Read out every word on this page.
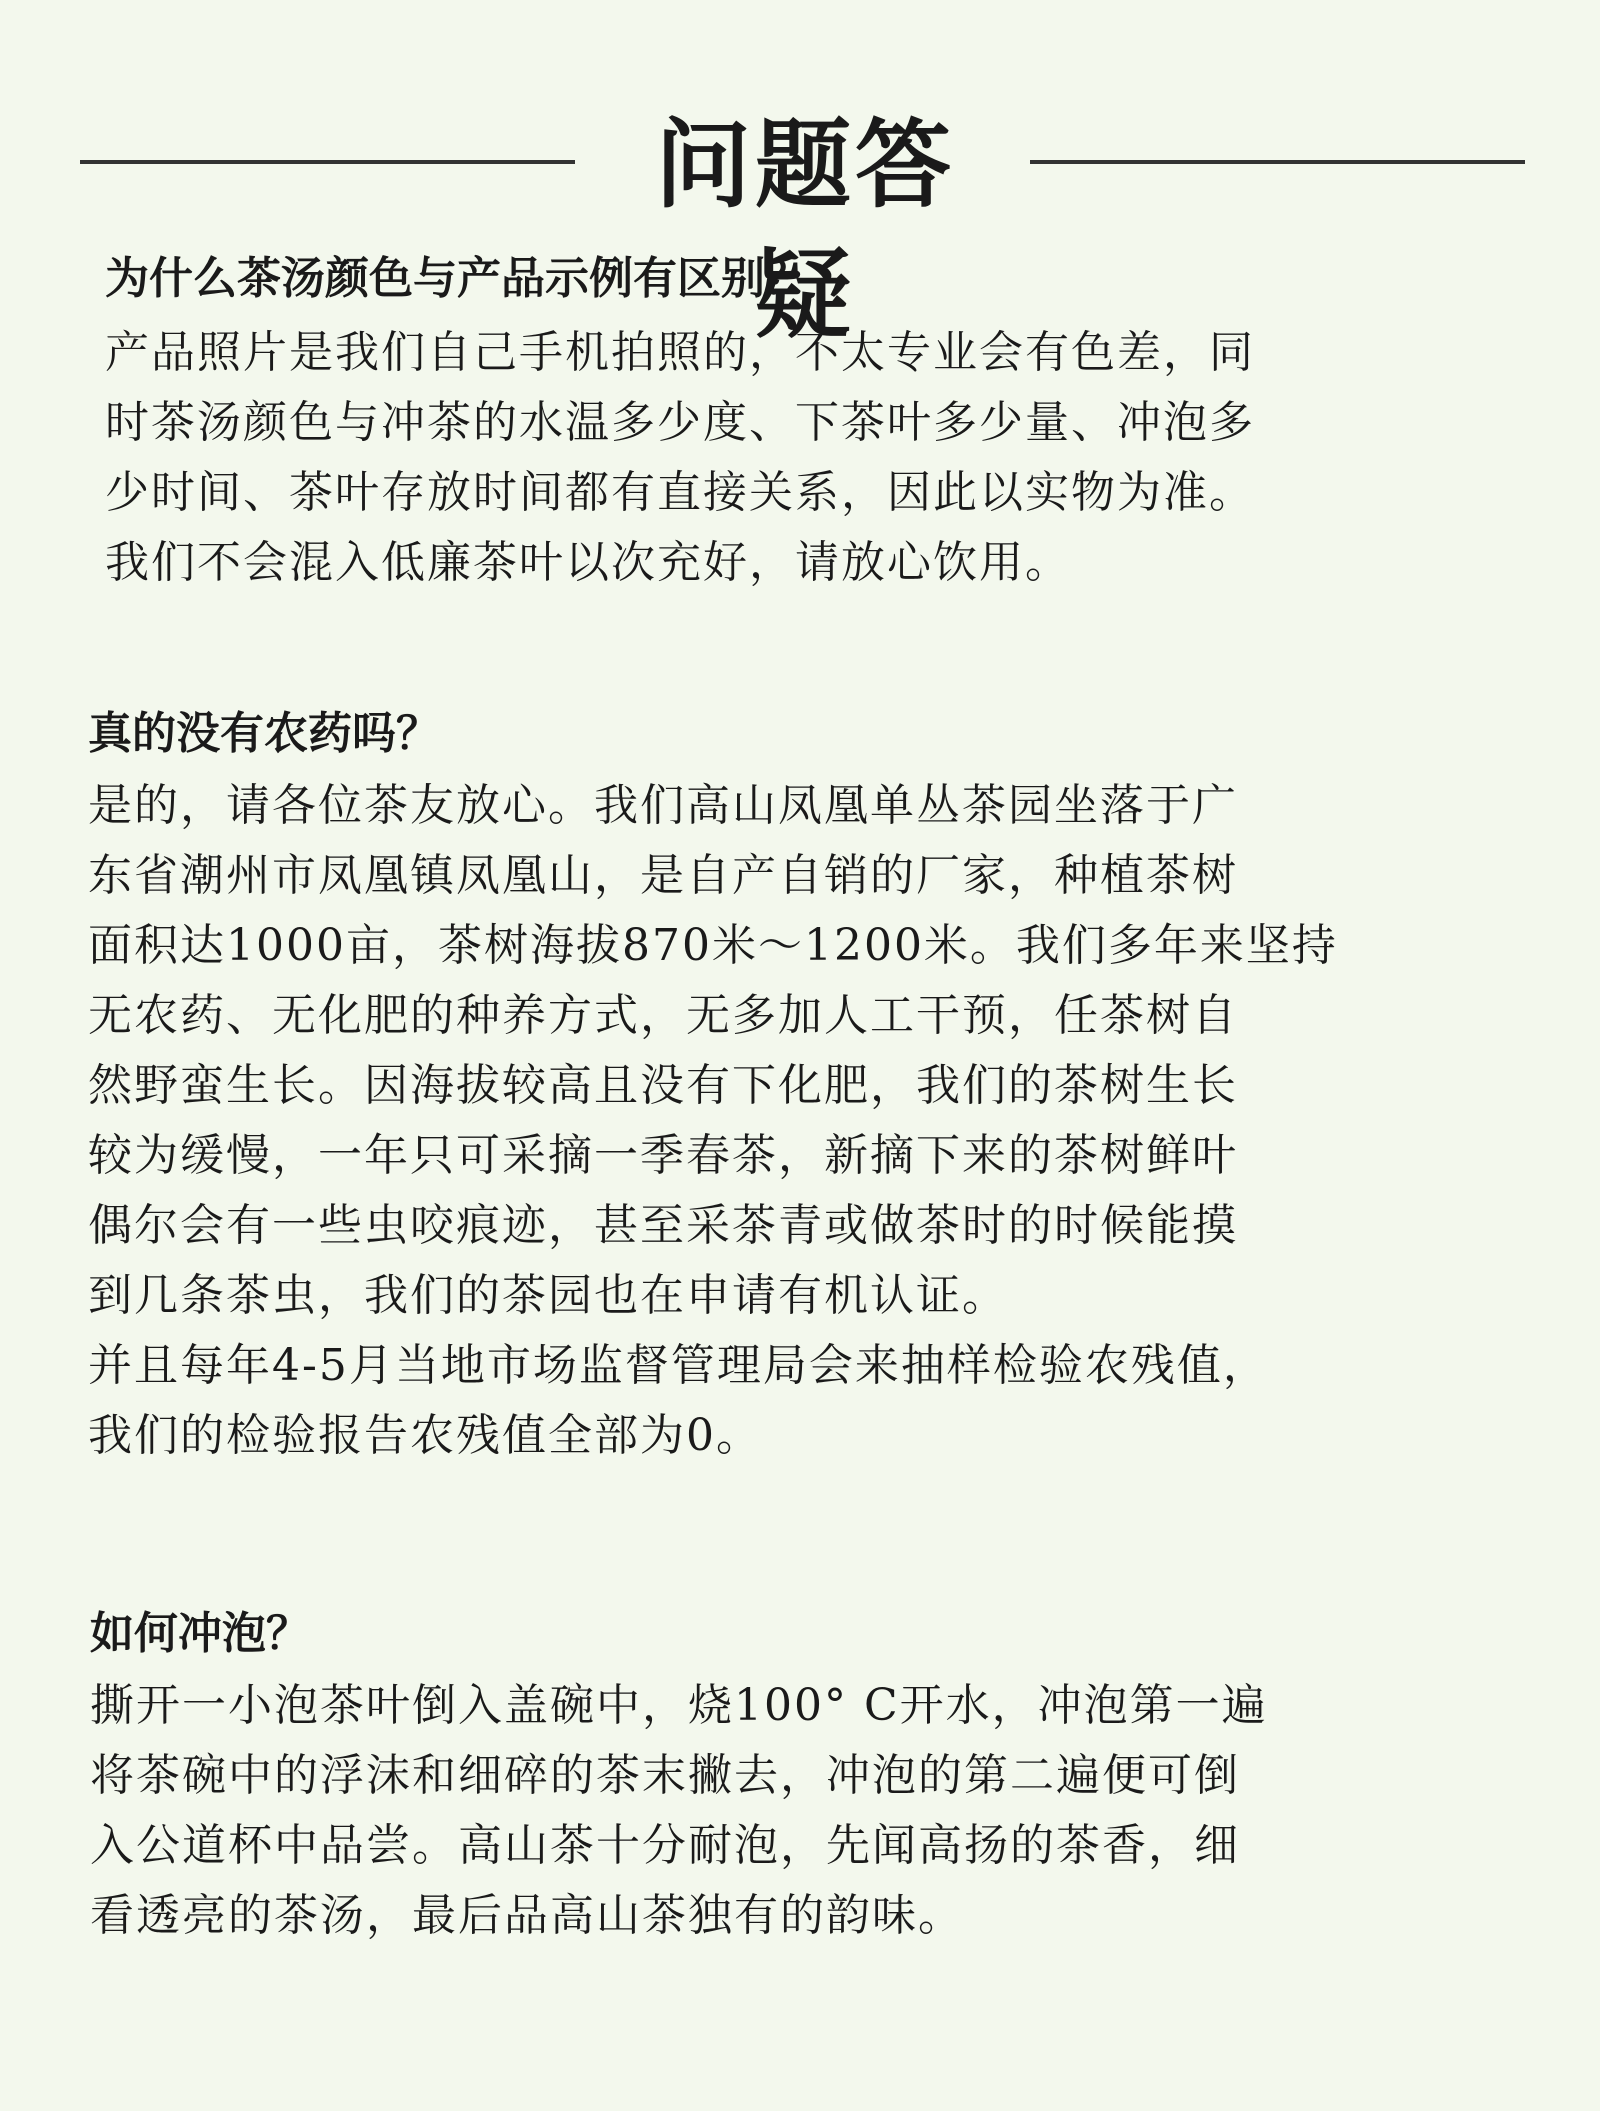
问题答疑
为什么茶汤颜色与产品示例有区别？

产品照片是我们自己手机拍照的，不太专业会有色差，同

时茶汤颜色与冲茶的水温多少度、下茶叶多少量、冲泡多

少时间、茶叶存放时间都有直接关系，因此以实物为准。

我们不会混入低廉茶叶以次充好，请放心饮用。

真的没有农药吗？

是的，请各位茶友放心。我们高山凤凰单丛茶园坐落于广

东省潮州市凤凰镇凤凰山，是自产自销的厂家，种植茶树

面积达1000亩，茶树海拔870米～1200米。我们多年来坚持

无农药、无化肥的种养方式，无多加人工干预，任茶树自

然野蛮生长。因海拔较高且没有下化肥，我们的茶树生长

较为缓慢，一年只可采摘一季春茶，新摘下来的茶树鲜叶

偶尔会有一些虫咬痕迹，甚至采茶青或做茶时的时候能摸

到几条茶虫，我们的茶园也在申请有机认证。

并且每年4-5月当地市场监督管理局会来抽样检验农残值，

我们的检验报告农残值全部为0。

如何冲泡？

撕开一小泡茶叶倒入盖碗中，烧100° C开水，冲泡第一遍

将茶碗中的浮沫和细碎的茶末撇去，冲泡的第二遍便可倒

入公道杯中品尝。高山茶十分耐泡，先闻高扬的茶香，细

看透亮的茶汤，最后品高山茶独有的韵味。
